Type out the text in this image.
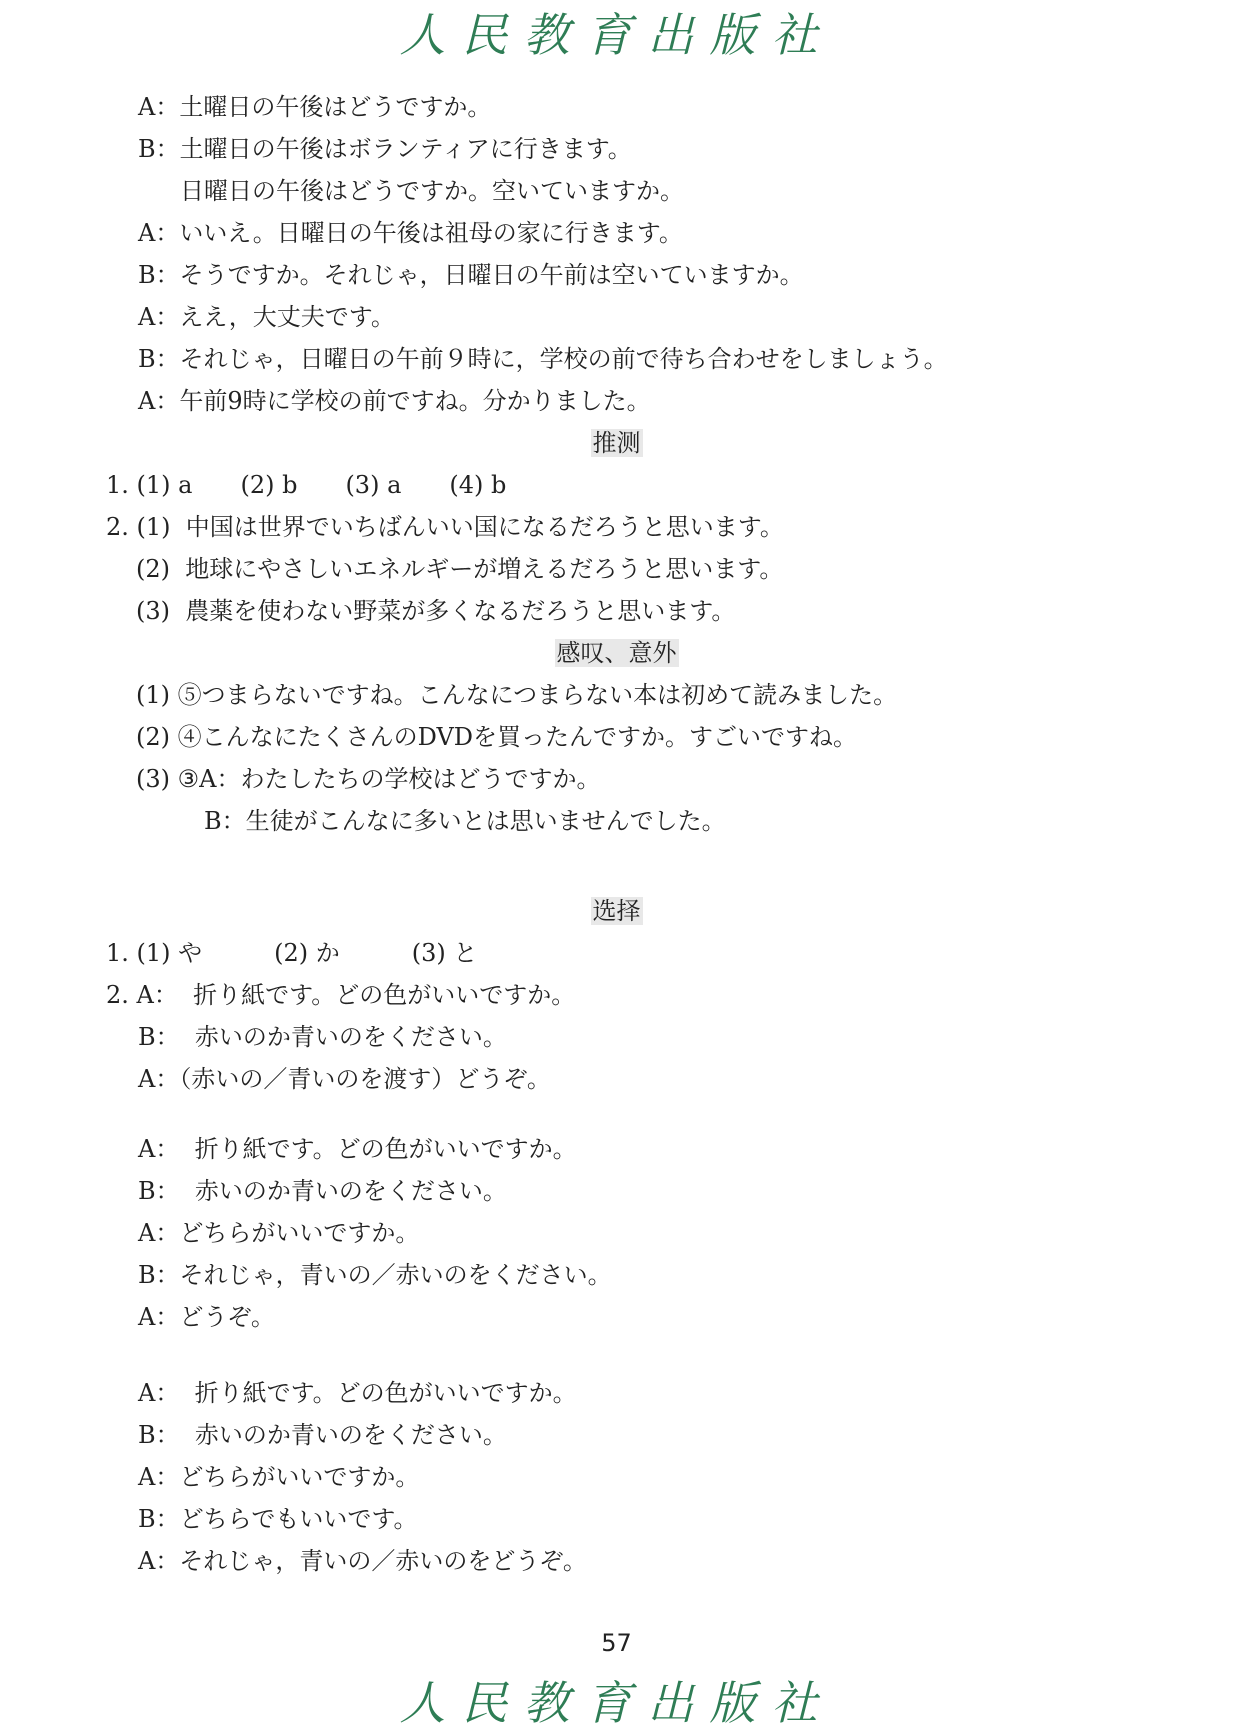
人民教育出版社
A：土曜日の午後はどうですか。
B：土曜日の午後はボランティアに行きます。
日曜日の午後はどうですか。空いていますか。
A：いいえ。日曜日の午後は祖母の家に行きます。
B：そうですか。それじゃ，日曜日の午前は空いていますか。
A：ええ，大丈夫です。
B：それじゃ，日曜日の午前９時に，学校の前で待ち合わせをしましょう。
A：午前9時に学校の前ですね。分かりました。
推测
1. (1) a　　(2) b　　(3) a　　(4) b
2. (1)  中国は世界でいちばんいい国になるだろうと思います。
(2)  地球にやさしいエネルギーが増えるだろうと思います。
(3)  農薬を使わない野菜が多くなるだろうと思います。
感叹、意外
(1) ⑤つまらないですね。こんなにつまらない本は初めて読みました。
(2) ④こんなにたくさんのDVDを買ったんですか。すごいですね。
(3) ③A：わたしたちの学校はどうですか。
B：生徒がこんなに多いとは思いませんでした。
选择
1. (1) や　　　(2) か　　　(3) と
2. A：  折り紙です。どの色がいいですか。
B：  赤いのか青いのをください。
A：（赤いの／青いのを渡す）どうぞ。
A：  折り紙です。どの色がいいですか。
B：  赤いのか青いのをください。
A：どちらがいいですか。
B：それじゃ，青いの／赤いのをください。
A：どうぞ。
A：  折り紙です。どの色がいいですか。
B：  赤いのか青いのをください。
A：どちらがいいですか。
B：どちらでもいいです。
A：それじゃ，青いの／赤いのをどうぞ。
57
人民教育出版社
